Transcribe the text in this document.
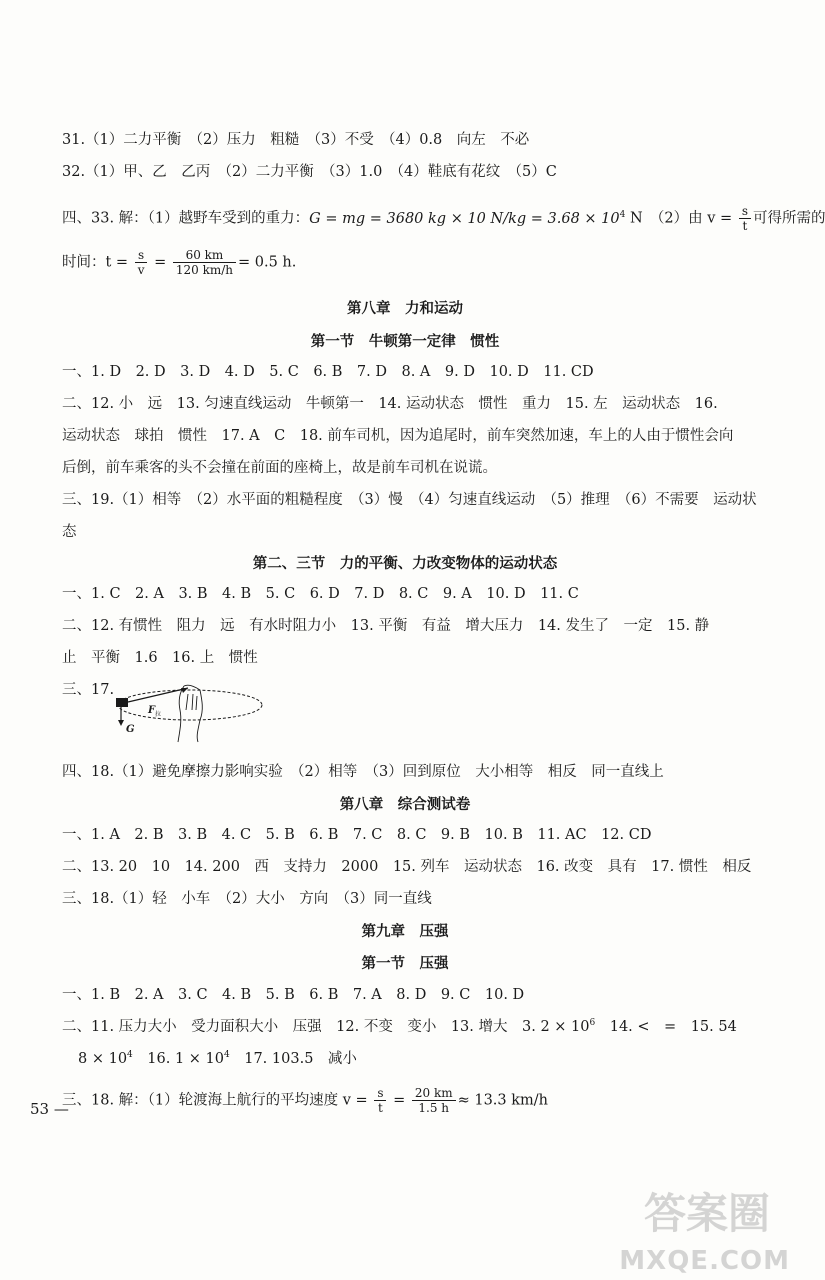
31.（1）二力平衡　（2）压力　粗糙　（3）不受　（4）0.8　向左　不必
32.（1）甲、乙　乙丙　（2）二力平衡　（3）1.0　（4）鞋底有花纹　（5）C
四、33. 解：（1）越野车受到的重力：G = mg = 3680 kg × 10 $N/kg = 3.68 \times 10^4$ N　（2）由 $v = \frac{s}{t}$ 可得所需的
时间：$t = \frac{s}{v} = \frac{60 km}{120 km/h} = 0.5$ h.
第八章　力和运动
第一节　牛顿第一定律　惯性
一、1. D　2. D　3. D　4. D　5. C　6. B　7. D　8. A　9. D　10. D　11. CD
二、12. 小　远　13. 匀速直线运动　牛顿第一　14. 运动状态　惯性　重力　15. 左　运动状态　16.
运动状态　球拍　惯性　17. A　C　18. 前车司机，因为追尾时，前车突然加速，车上的人由于惯性会向
后倒，前车乘客的头不会撞在前面的座椅上，故是前车司机在说谎。
三、19.（1）相等　（2）水平面的粗糙程度　（3）慢　（4）匀速直线运动　（5）推理　（6）不需要　运动状
态
第二、三节　力的平衡、力改变物体的运动状态
一、1. C　2. A　3. B　4. B　5. C　6. D　7. D　8. C　9. A　10. D　11. C
二、12. 有惯性　阻力　远　有水时阻力小　13. 平衡　有益　增大压力　14. 发生了　一定　15. 静
止　平衡　1.6　16. 上　惯性
三、17.
G
F 拉
四、18.（1）避免摩擦力影响实验　（2）相等　（3）回到原位　大小相等　相反　同一直线上
第八章　综合测试卷
一、1. A　2. B　3. B　4. C　5. B　6. B　7. C　8. C　9. B　10. B　11. AC　12. CD
二、13. 20　10　14. 200　西　支持力　2000　15. 列车　运动状态　16. 改变　具有　17. 惯性　相反
三、18.（1）轻　小车　（2）大小　方向　（3）同一直线
第九章　压强
第一节　压强
一、1. B　2. A　3. C　4. B　5. B　6. B　7. A　8. D　9. C　10. D
二、11. 压力大小　受力面积大小　压强　12. 不变　变小　13. 增大　3. $2 \times 10^6$　14. <　=　15. 54
$8 \times 10^4$　16. $1 \times 10^4$　17. 103.5　减小
三、18. 解：（1）轮渡海上航行的平均速度 $v = \frac{s}{t} = \frac{20 km}{1.5 h} \approx 13.3$ km/h
53 —
答案圈
MXQE.COM
